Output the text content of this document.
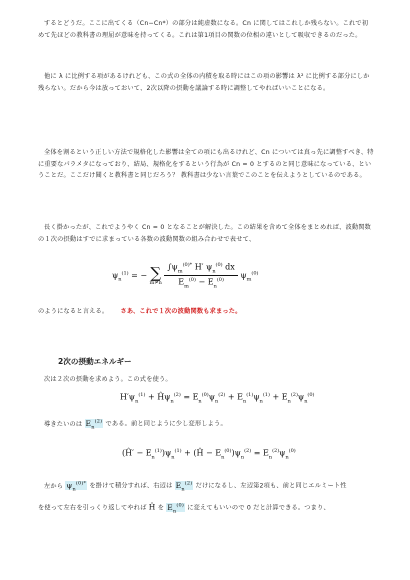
するとどうだ。ここに出てくる（Cn−Cn*）の部分は純虚数になる。Cn に関してはこれしか残らない。これで初めて先ほどの教科書の理屈が意味を持ってくる。これは第1項目の関数の位相の違いとして吸収できるのだった。
他に λ に比例する項があるけれども、この式の全体の内積を取る時にはこの項の影響は λ² に比例する部分にしか残らない。だから今は放っておいて、2次以降の摂動を議論する時に調整してやればいいことになる。
全体を割るという正しい方法で規格化した影響は全ての項にも出るけれど、Cn については真っ先に調整すべき、特に重要なパラメタになっており、結局、規格化をするという行為が Cn = 0 とするのと同じ意味になっている、ということだ。ここだけ聞くと教科書と同じだろう？ 教科書は少ない言葉でこのことを伝えようとしているのである。
長く掛かったが、これでようやく Cn = 0 となることが解決した。この結果を含めて全体をまとめれば、波動関数の１次の摂動はすでに求まっている各数の波動関数の組み合わせで表せて、
$\psi_n^{(1)}$ = − ∑
m≠n
$\frac{\int\psi_m^{(0)*} H' \psi_n^{(0)} dx}{E_m^{(0)} - E_n^{(0)}} \psi_m^{(0)}$
のようになると言える。 さあ、これで１次の波動関数も求まった。
2次の摂動エネルギー
次は２次の摂動を求めよう。この式を使う。
$H'\psi_n^{(1)}$ + $Ĥ\psi_n^{(2)} = E_n^{(0)}\psi_n^{(2)} + E_n^{(1)}\psi_n^{(1)} + E_n^{(2)}\psi_n^{(0)}$
導きたいのは $E_n^{(2)}$ である。前と同じように少し変形しよう。
(Ĥ′ − $E_n^{(1)})\psi_n^{(1)}$ + (Ĥ − $E_n^{(0)})\psi_n^{(2)} = E_n^{(2)}\psi_n^{(0)}$
左から $\psi_n^{(0)*}$ を掛けて積分すれば、右辺は $E_n^{(2)}$ だけになるし、左辺第2項も、前と同じエルミート性
を使って左右を引っくり返してやれば Ĥ を $E_n^{(0)}$ に変えてもいいので 0 だと計算できる。つまり、
